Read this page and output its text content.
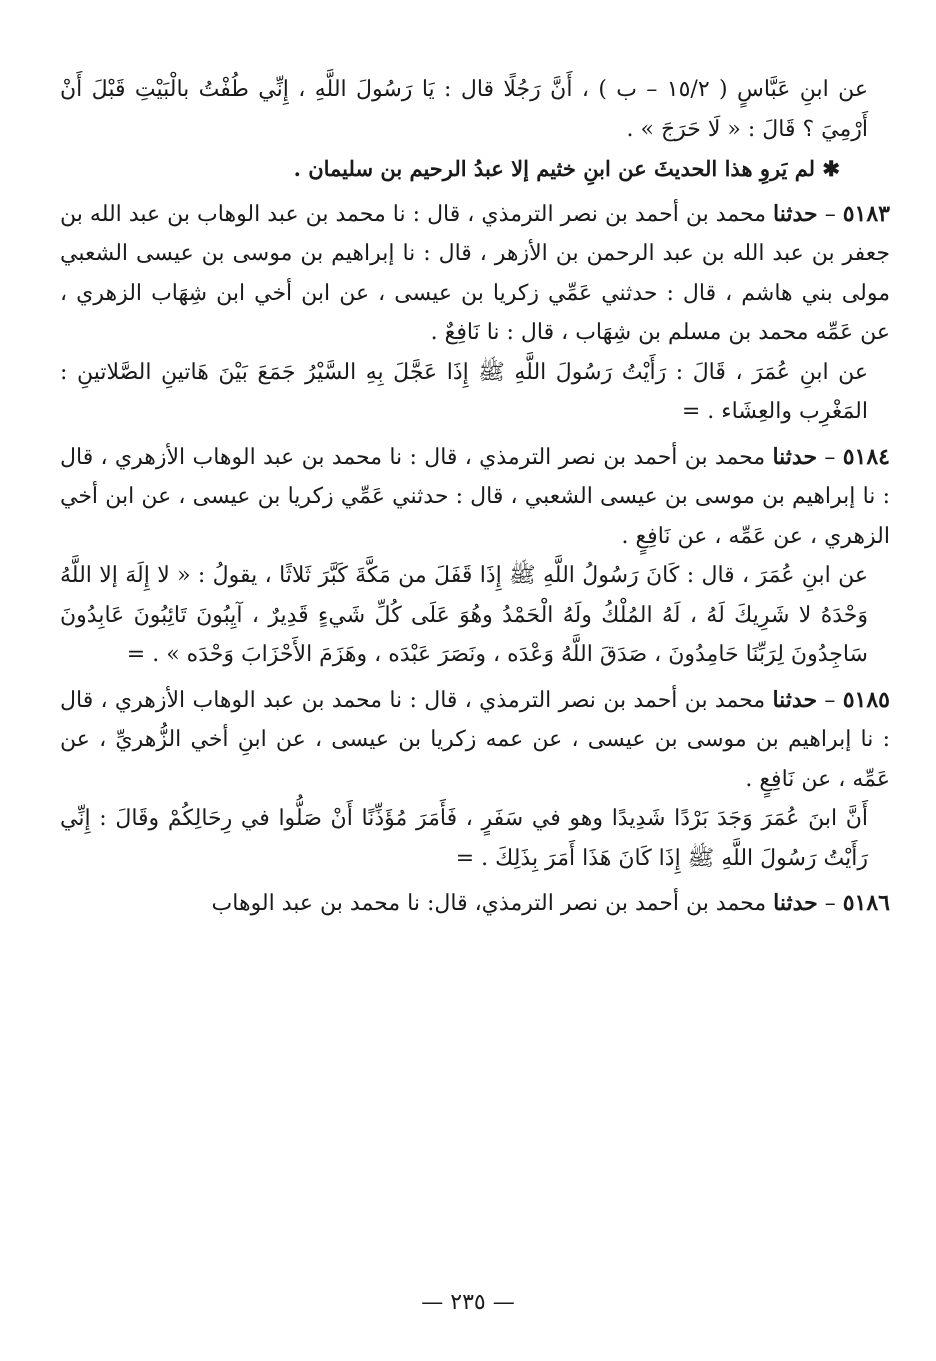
عن ابنِ عَبَّاسٍ ( ١٥/٢ – ب ) ، أَنَّ رَجُلًا قال : يَا رَسُولَ اللَّهِ ، إِنِّي طُفْتُ بالْبَيْتِ قَبْلَ أَنْ أَرْمِيَ ؟ قَالَ : « لَا حَرَجَ » .

✱ لم يَروِ هذا الحديثَ عن ابنِ خثيم إلا عبدُ الرحيم بن سليمان .

٥١٨٣ – حدثنا محمد بن أحمد بن نصر الترمذي ، قال : نا محمد بن عبد الوهاب بن عبد الله بن جعفر بن عبد الله بن عبد الرحمن بن الأزهر ، قال : نا إبراهيم بن موسى بن عيسى الشعبي مولى بني هاشم ، قال : حدثني عَمِّي زكريا بن عيسى ، عن ابن أخي ابن شِهَاب الزهري ، عن عَمِّه محمد بن مسلم بن شِهَاب ، قال : نا نَافِعٌ .

عن ابنِ عُمَرَ ، قَالَ : رَأَيْتُ رَسُولَ اللَّهِ ﷺ إِذَا عَجَّلَ بِهِ السَّيْرُ جَمَعَ بَيْنَ هَاتينِ الصَّلاتينِ : المَغْرِب والعِشَاء . =

٥١٨٤ – حدثنا محمد بن أحمد بن نصر الترمذي ، قال : نا محمد بن عبد الوهاب الأزهري ، قال : نا إبراهيم بن موسى بن عيسى الشعبي ، قال : حدثني عَمِّي زكريا بن عيسى ، عن ابن أخي الزهري ، عن عَمِّه ، عن نَافِعٍ .

عن ابنِ عُمَرَ ، قال : كَانَ رَسُولُ اللَّهِ ﷺ إِذَا قَفَلَ من مَكَّةَ كَبَّرَ ثَلاثًا ، يقولُ : « لا إِلَهَ إلا اللَّهُ وَحْدَهُ لا شَرِيكَ لَهُ ، لَهُ المُلْكُ ولَهُ الْحَمْدُ وهُوَ عَلَى كُلِّ شَيءٍ قَدِيرٌ ، آيِبُونَ تَائِبُونَ عَابِدُونَ سَاجِدُونَ لِرَبِّنَا حَامِدُونَ ، صَدَقَ اللَّهُ وَعْدَه ، ونَصَرَ عَبْدَه ، وهَزَمَ الأَحْزَابَ وَحْدَه » . =

٥١٨٥ – حدثنا محمد بن أحمد بن نصر الترمذي ، قال : نا محمد بن عبد الوهاب الأزهري ، قال : نا إبراهيم بن موسى بن عيسى ، عن عمه زكريا بن عيسى ، عن ابنِ أخي الزُّهريِّ ، عن عَمِّه ، عن نَافِعٍ .

أَنَّ ابنَ عُمَرَ وَجَدَ بَرْدًا شَدِيدًا وهو في سَفَرٍ ، فَأَمَرَ مُؤَذِّنًا أَنْ صَلُّوا في رِحَالِكُمْ وقَالَ : إِنِّي رَأَيْتُ رَسُولَ اللَّهِ ﷺ إِذَا كَانَ هَذَا أَمَرَ بِذَلِكَ . =

٥١٨٦ – حدثنا محمد بن أحمد بن نصر الترمذي، قال: نا محمد بن عبد الوهاب

— ٢٣٥ —
